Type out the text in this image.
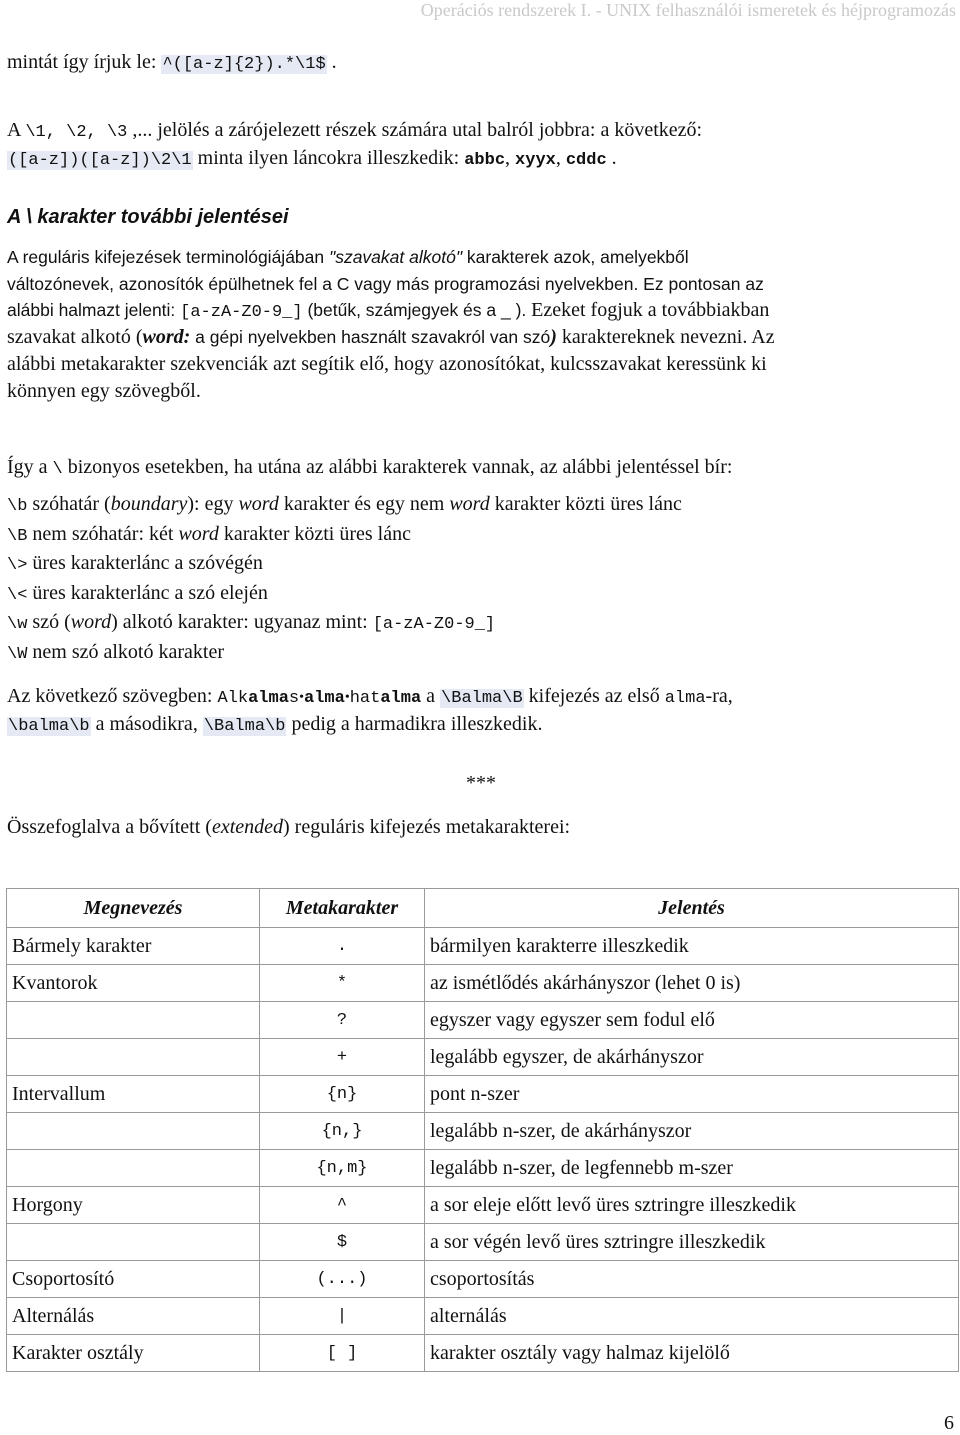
Operációs rendszerek I. - UNIX felhasználói ismeretek és héjprogramozás
mintát így írjuk le: ^([a-z]{2}).*\1$ .
A \1, \2, \3 ,... jelölés a zárójelezett részek számára utal balról jobbra: a következő:
([a-z])([a-z])\2\1 minta ilyen láncokra illeszkedik: abbc, xyyx, cddc .
A \ karakter további jelentései
A reguláris kifejezések terminológiájában "szavakat alkotó" karakterek azok, amelyekből
változónevek, azonosítók épülhetnek fel a C vagy más programozási nyelvekben. Ez pontosan az
alábbi halmazt jelenti: [a-zA-Z0-9_] (betűk, számjegyek és a _ ). Ezeket fogjuk a továbbiakban
szavakat alkotó (word: a gépi nyelvekben használt szavakról van szó) karaktereknek nevezni. Az
alábbi metakarakter szekvenciák azt segítik elő, hogy azonosítókat, kulcsszavakat keressünk ki
könnyen egy szövegből.
Így a \ bizonyos esetekben, ha utána az alábbi karakterek vannak, az alábbi jelentéssel bír:
\b szóhatár (boundary): egy word karakter és egy nem word karakter közti üres lánc
\B nem szóhatár: két word karakter közti üres lánc
\> üres karakterlánc a szóvégén
\< üres karakterlánc a szó elején
\w szó (word) alkotó karakter: ugyanaz mint: [a-zA-Z0-9_]
\W nem szó alkotó karakter
Az következő szövegben: Alkalmas•alma•hatalma a \Balma\B kifejezés az első alma-ra,
\balma\b a másodikra, \Balma\b pedig a harmadikra illeszkedik.
***
Összefoglalva a bővített (extended) reguláris kifejezés metakarakterei:
Megnevezés	Metakarakter	Jelentés
Bármely karakter	.	bármilyen karakterre illeszkedik
Kvantorok	*	az ismétlődés akárhányszor (lehet 0 is)
	?	egyszer vagy egyszer sem fodul elő
	+	legalább egyszer, de akárhányszor
Intervallum	{n}	pont n-szer
	{n,}	legalább n-szer, de akárhányszor
	{n,m}	legalább n-szer, de legfennebb m-szer
Horgony	^	a sor eleje előtt levő üres sztringre illeszkedik
	$	a sor végén levő üres sztringre illeszkedik
Csoportosító	(...)	csoportosítás
Alternálás	|	alternálás
Karakter osztály	[ ]	karakter osztály vagy halmaz kijelölő
6
